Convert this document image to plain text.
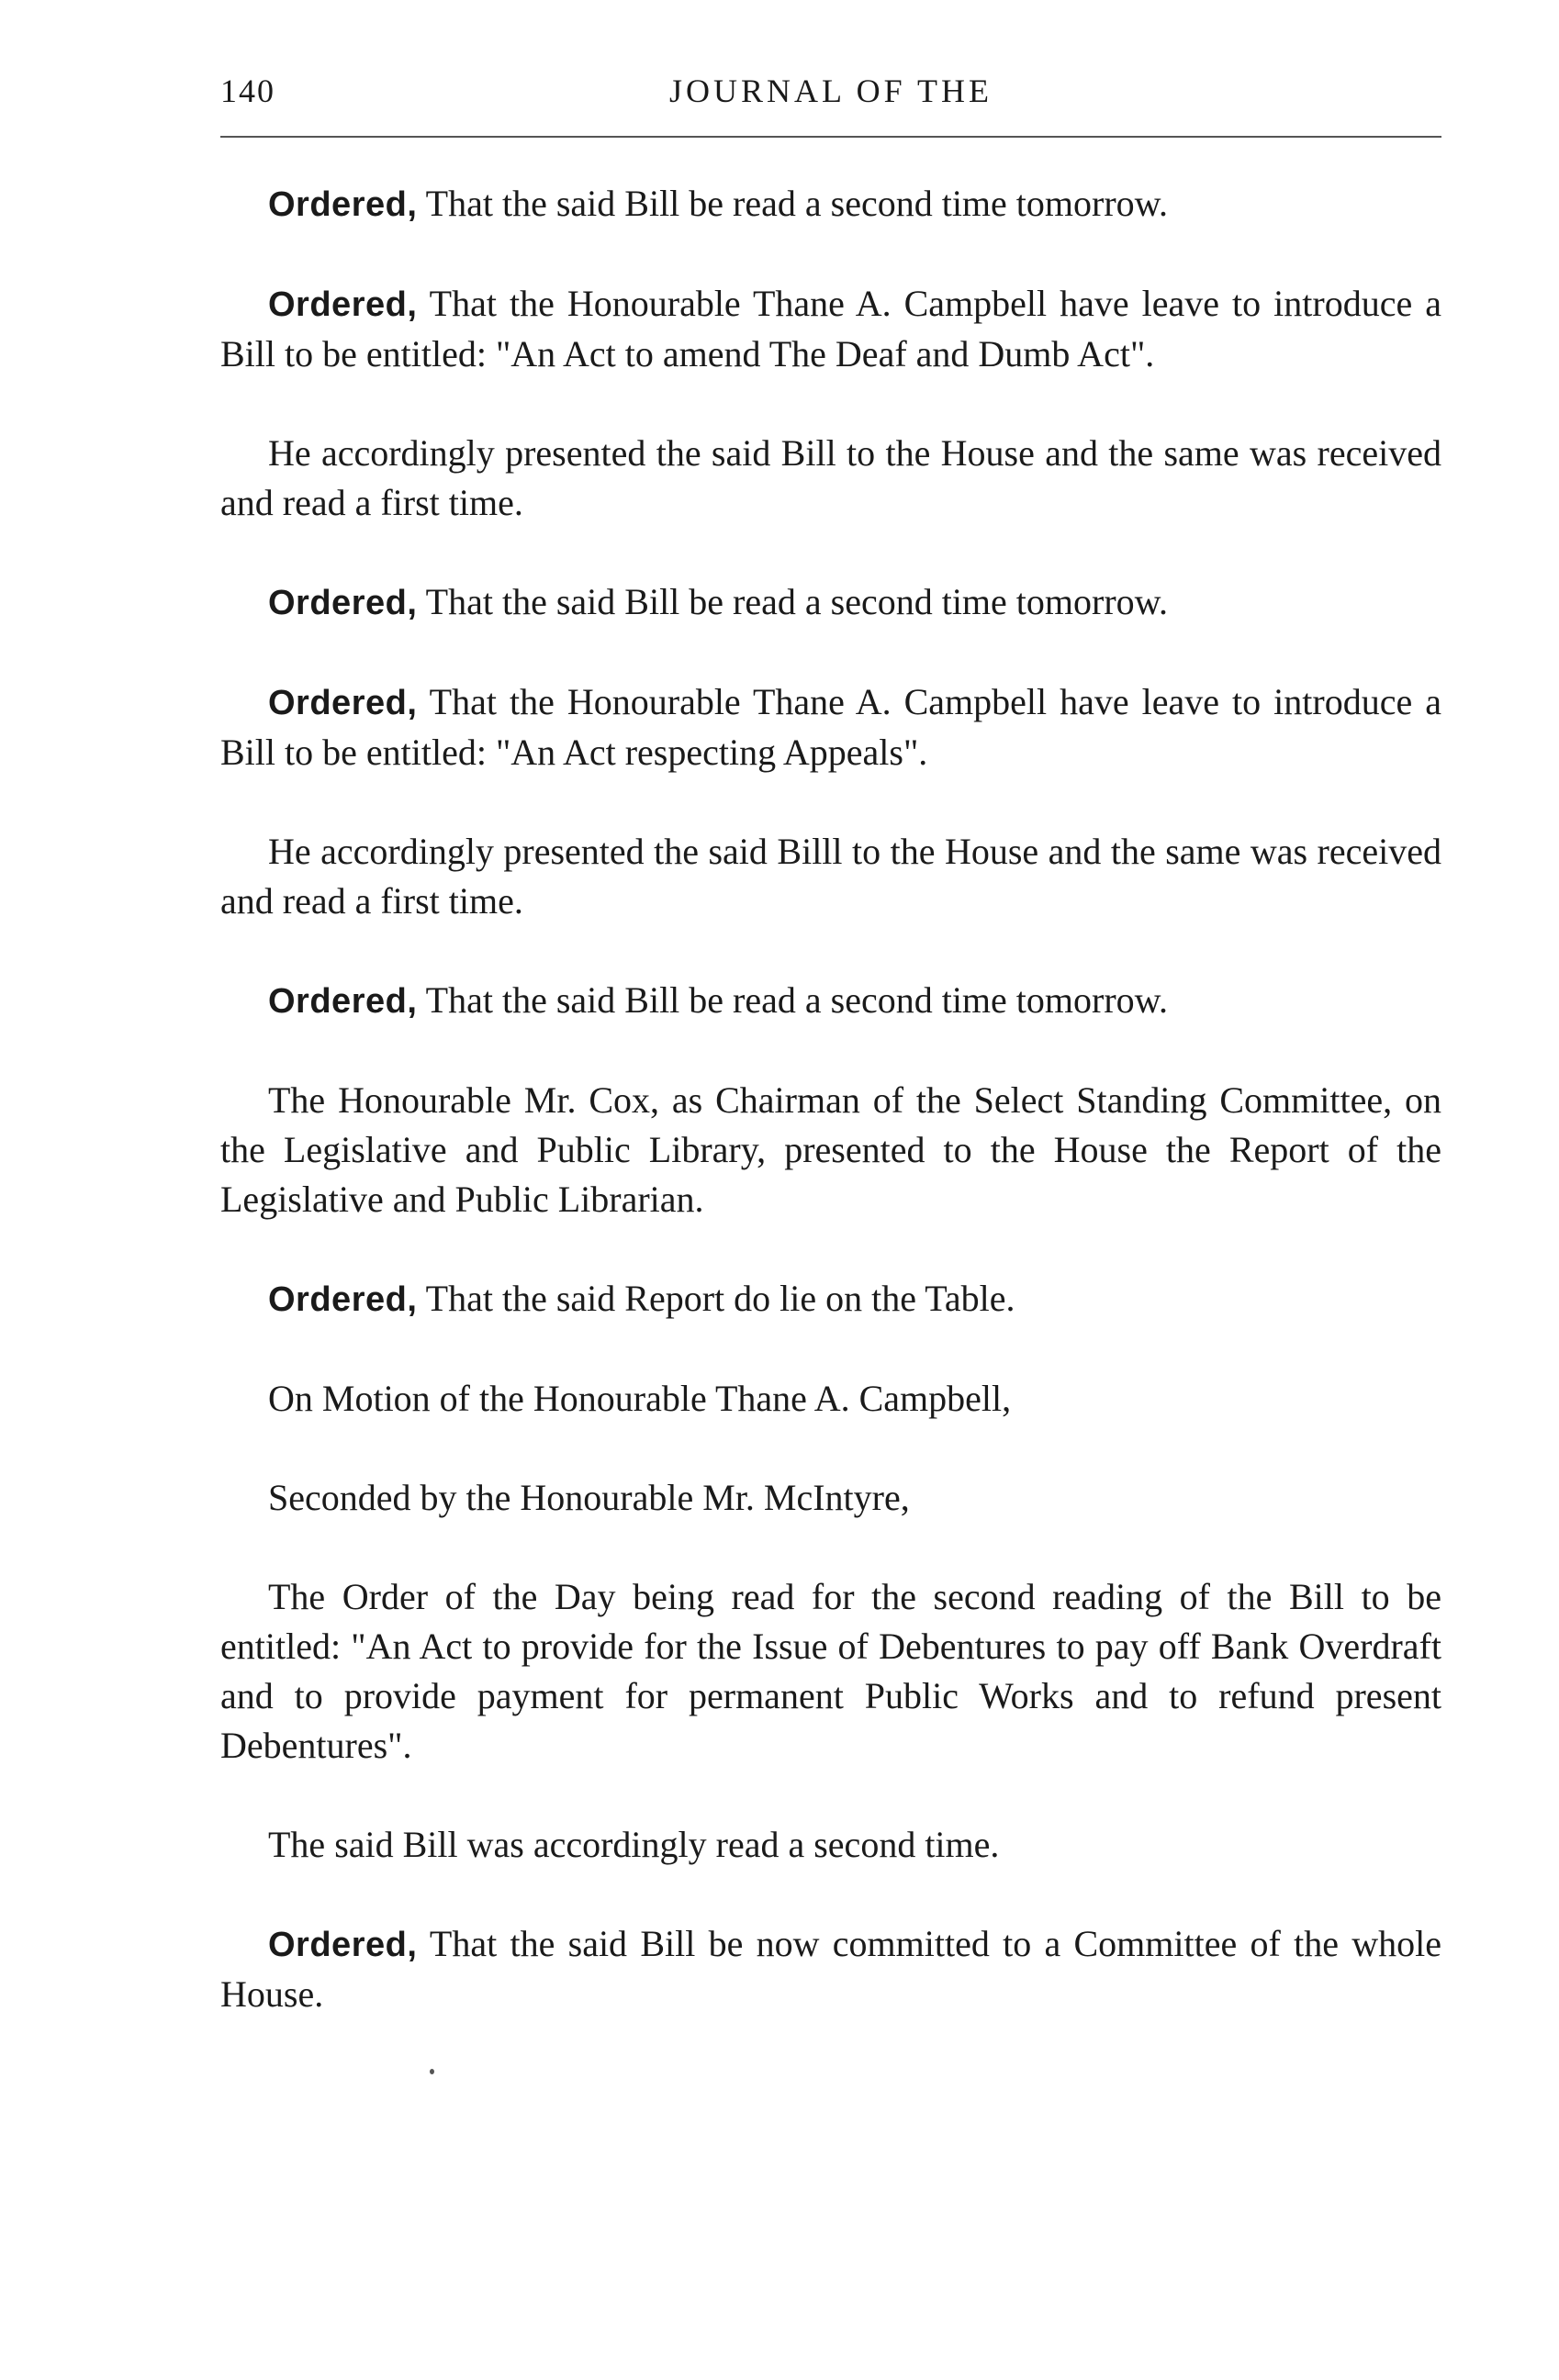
140	JOURNAL OF THE

Ordered, That the said Bill be read a second time tomorrow.

Ordered, That the Honourable Thane A. Campbell have leave to introduce a Bill to be entitled: "An Act to amend The Deaf and Dumb Act".

He accordingly presented the said Bill to the House and the same was received and read a first time.

Ordered, That the said Bill be read a second time tomorrow.

Ordered, That the Honourable Thane A. Campbell have leave to introduce a Bill to be entitled: "An Act respecting Appeals".

He accordingly presented the said Billl to the House and the same was received and read a first time.

Ordered, That the said Bill be read a second time tomorrow.

The Honourable Mr. Cox, as Chairman of the Select Standing Committee, on the Legislative and Public Library, presented to the House the Report of the Legislative and Public Librarian.

Ordered, That the said Report do lie on the Table.

On Motion of the Honourable Thane A. Campbell,

Seconded by the Honourable Mr. McIntyre,

The Order of the Day being read for the second reading of the Bill to be entitled: "An Act to provide for the Issue of Debentures to pay off Bank Overdraft and to provide payment for permanent Public Works and to refund present Debentures".

The said Bill was accordingly read a second time.

Ordered, That the said Bill be now committed to a Committee of the whole House.
